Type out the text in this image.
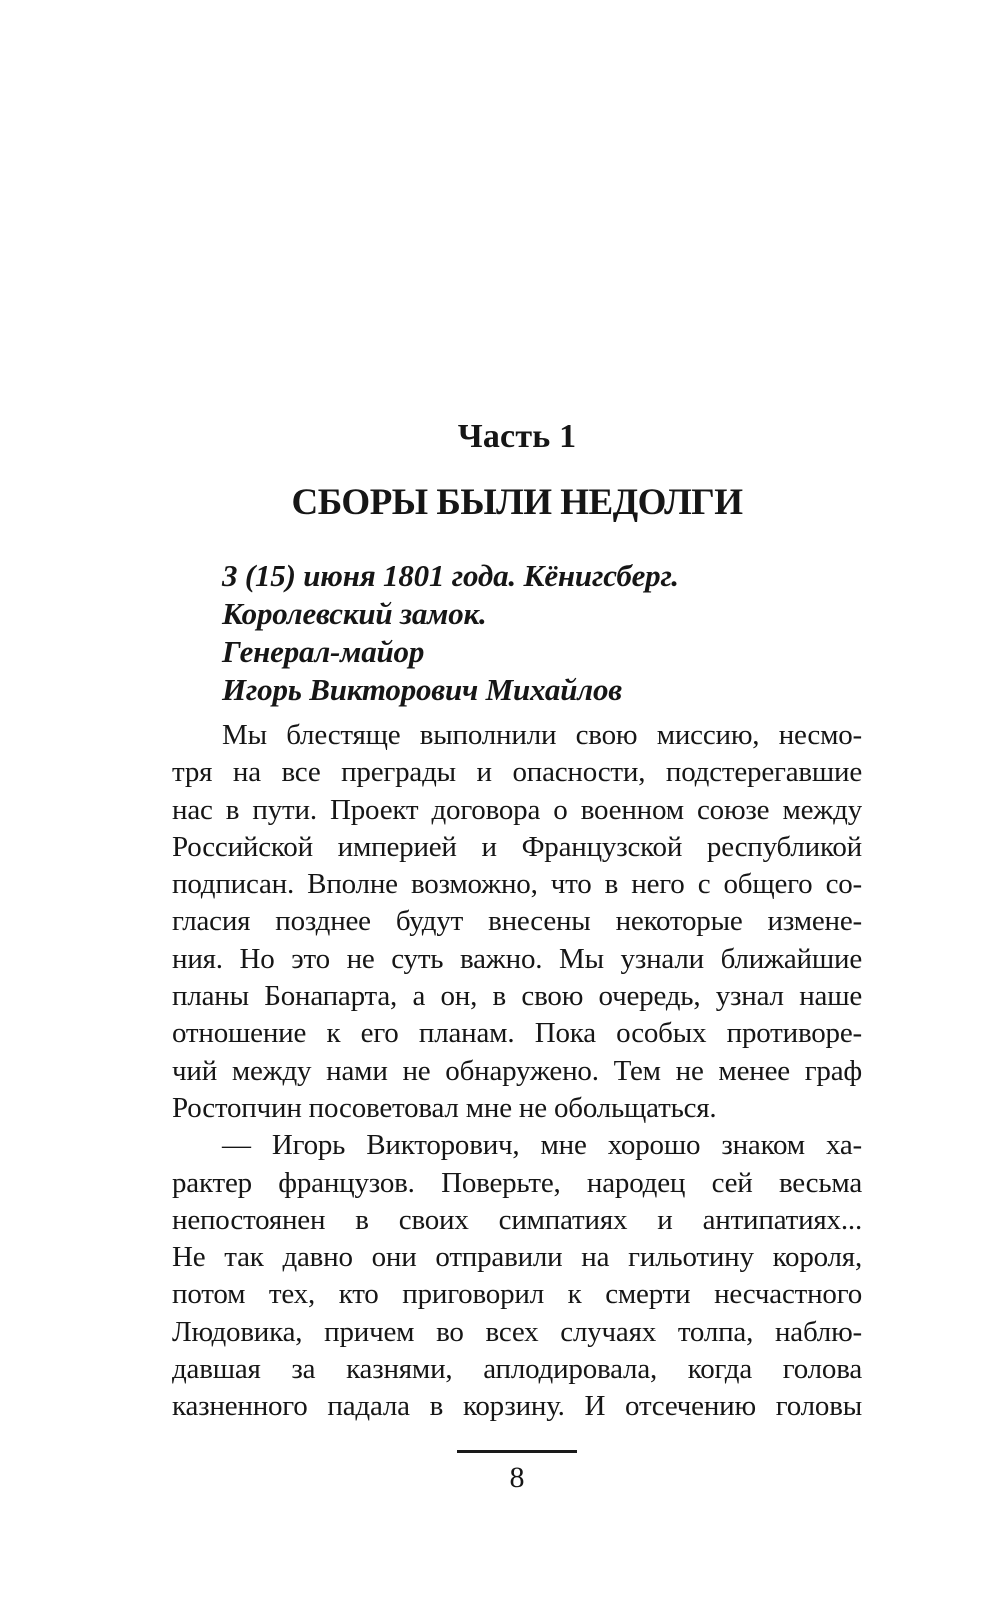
Часть 1
СБОРЫ БЫЛИ НЕДОЛГИ
3 (15) июня 1801 года. Кёнигсберг.
Королевский замок.
Генерал-майор
Игорь Викторович Михайлов
Мы блестяще выполнили свою миссию, несмо-
тря на все преграды и опасности, подстерегавшие
нас в пути. Проект договора о военном союзе между
Российской империей и Французской республикой
подписан. Вполне возможно, что в него с общего со-
гласия позднее будут внесены некоторые измене-
ния. Но это не суть важно. Мы узнали ближайшие
планы Бонапарта, а он, в свою очередь, узнал наше
отношение к его планам. Пока особых противоре-
чий между нами не обнаружено. Тем не менее граф
Ростопчин посоветовал мне не обольщаться.
— Игорь Викторович, мне хорошо знаком ха-
рактер французов. Поверьте, народец сей весьма
непостоянен в своих симпатиях и антипатиях...
Не так давно они отправили на гильотину короля,
потом тех, кто приговорил к смерти несчастного
Людовика, причем во всех случаях толпа, наблю-
давшая за казнями, аплодировала, когда голова
казненного падала в корзину. И отсечению головы
8
